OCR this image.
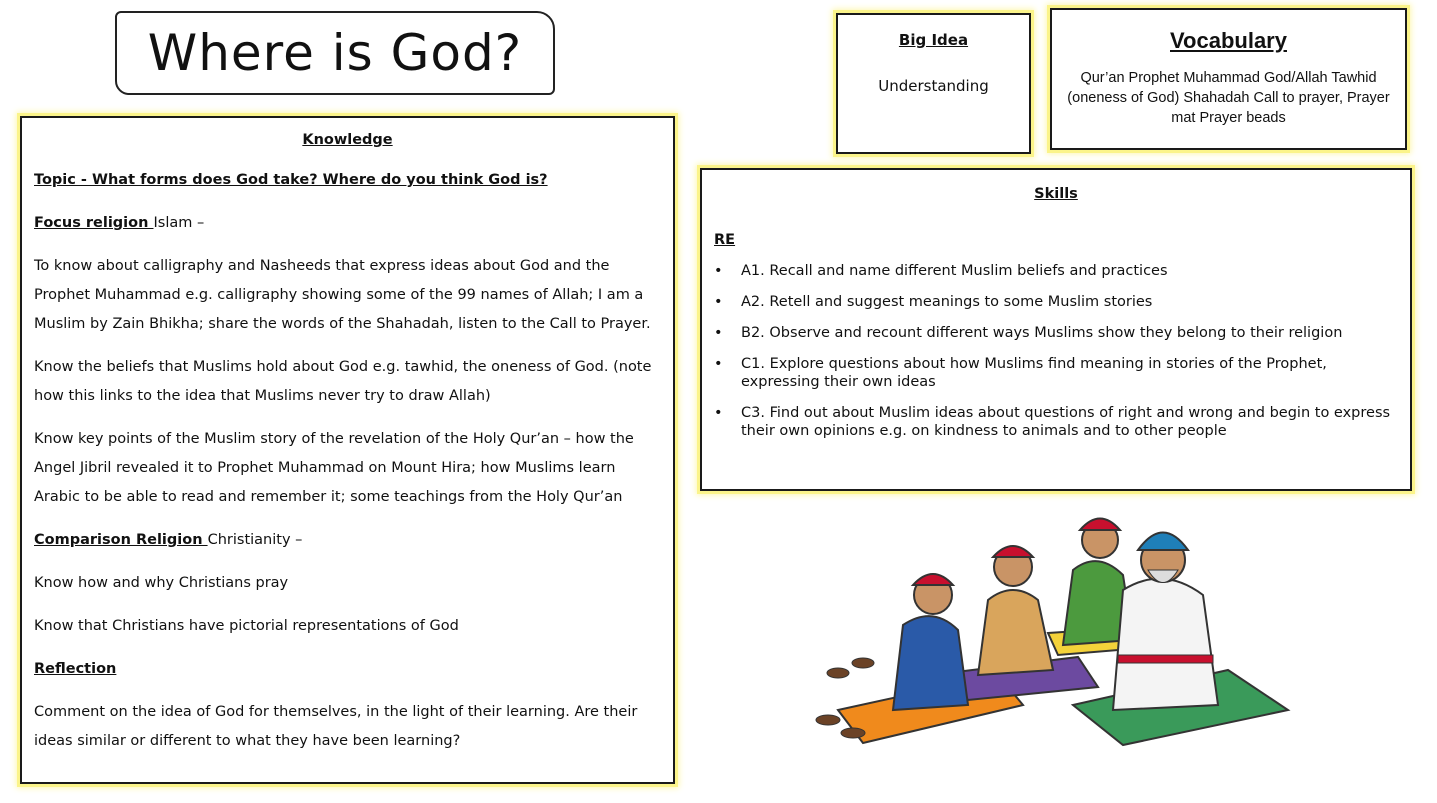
Where is God?
Knowledge

Topic - What forms does God take? Where do you think God is?

Focus religion Islam –

To know about calligraphy and Nasheeds that express ideas about God and the Prophet Muhammad e.g. calligraphy showing some of the 99 names of Allah; I am a Muslim by Zain Bhikha; share the words of the Shahadah, listen to the Call to Prayer.

Know the beliefs that Muslims hold about God e.g. tawhid, the oneness of God. (note how this links to the idea that Muslims never try to draw Allah)

Know key points of the Muslim story of the revelation of the Holy Qur’an – how the Angel Jibril revealed it to Prophet Muhammad on Mount Hira; how Muslims learn Arabic to be able to read and remember it; some teachings from the Holy Qur’an

Comparison Religion Christianity –

Know how and why Christians pray

Know that Christians have pictorial representations of God

Reflection

Comment on the idea of God for themselves, in the light of their learning. Are their ideas similar or different to what they have been learning?

Big Idea
Understanding
Vocabulary
Qur’an Prophet Muhammad God/Allah Tawhid (oneness of God) Shahadah Call to prayer, Prayer mat Prayer beads
Skills
RE
• A1. Recall and name different Muslim beliefs and practices
• A2. Retell and suggest meanings to some Muslim stories
• B2. Observe and recount different ways Muslims show they belong to their religion
• C1. Explore questions about how Muslims find meaning in stories of the Prophet, expressing their own ideas
• C3. Find out about Muslim ideas about questions of right and wrong and begin to express their own opinions e.g. on kindness to animals and to other people
